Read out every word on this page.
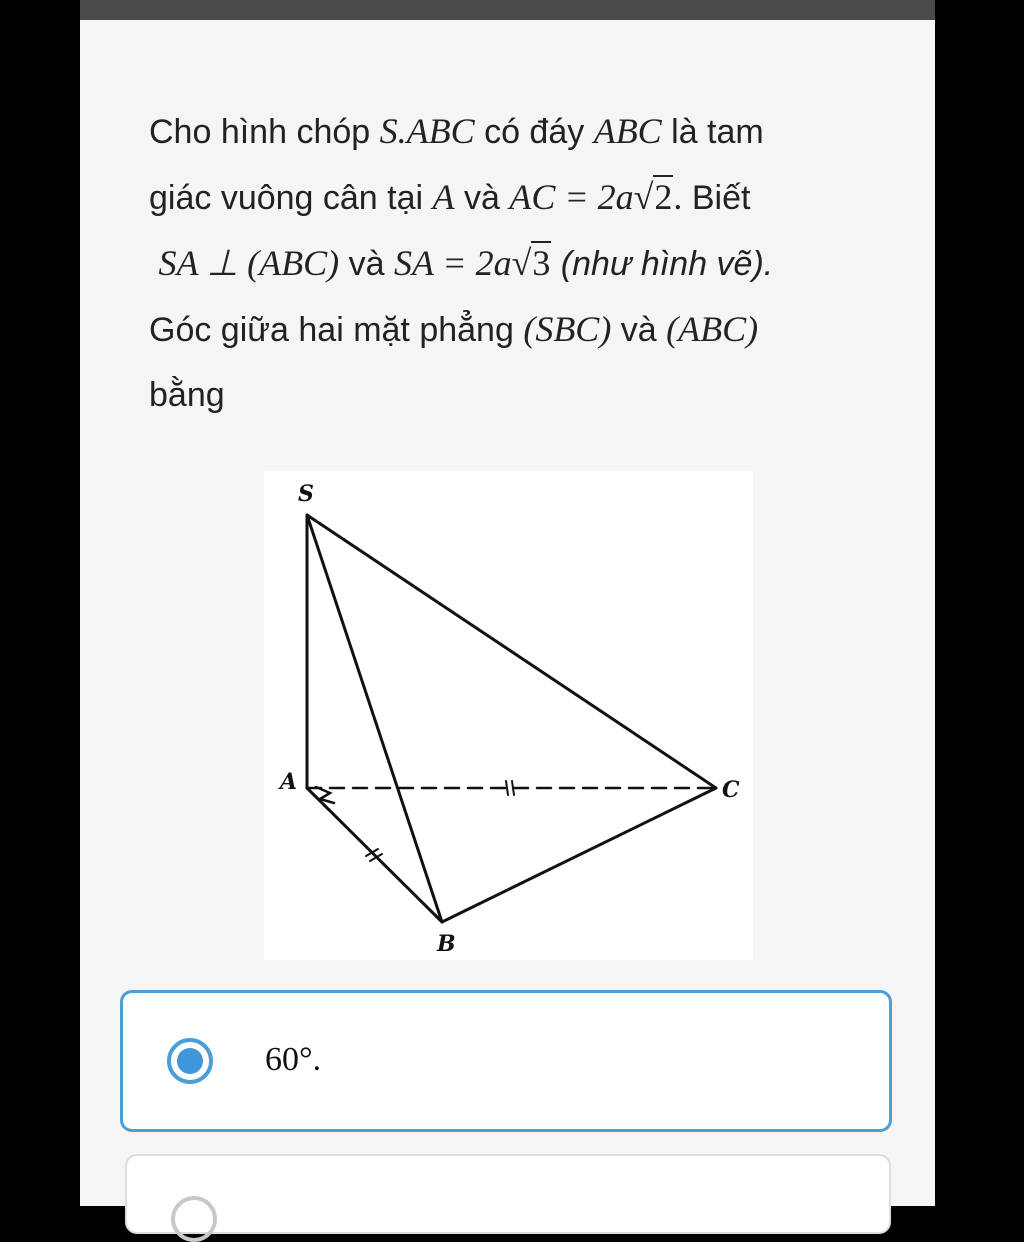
Cho hình chóp S.ABC có đáy ABC là tam
giác vuông cân tại A và AC = 2a√2. Biết
SA ⊥ (ABC) và SA = 2a√3 (như hình vẽ).
Góc giữa hai mặt phẳng (SBC) và (ABC)
bằng
S
A
B
C
60°.
